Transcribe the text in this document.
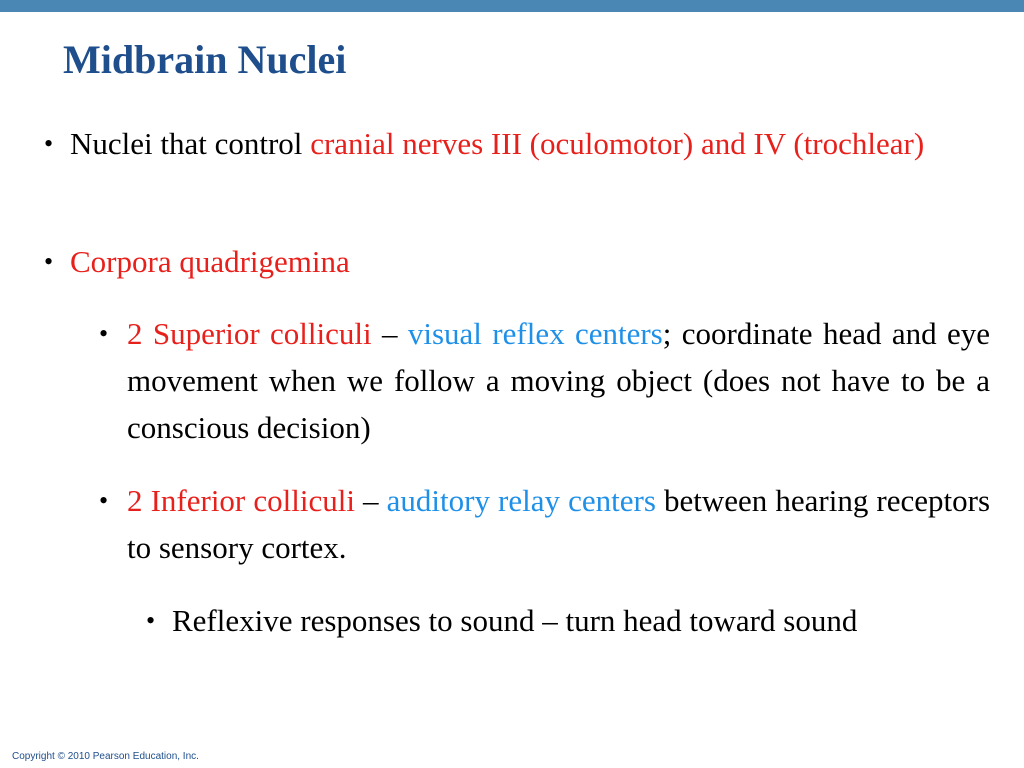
Midbrain Nuclei
• Nuclei that control cranial nerves III (oculomotor) and IV (trochlear)
• Corpora quadrigemina
• 2 Superior colliculi – visual reflex centers; coordinate head and eye movement when we follow a moving object (does not have to be a conscious decision)
• 2 Inferior colliculi – auditory relay centers between hearing receptors to sensory cortex.
• Reflexive responses to sound – turn head toward sound
Copyright © 2010 Pearson Education, Inc.
